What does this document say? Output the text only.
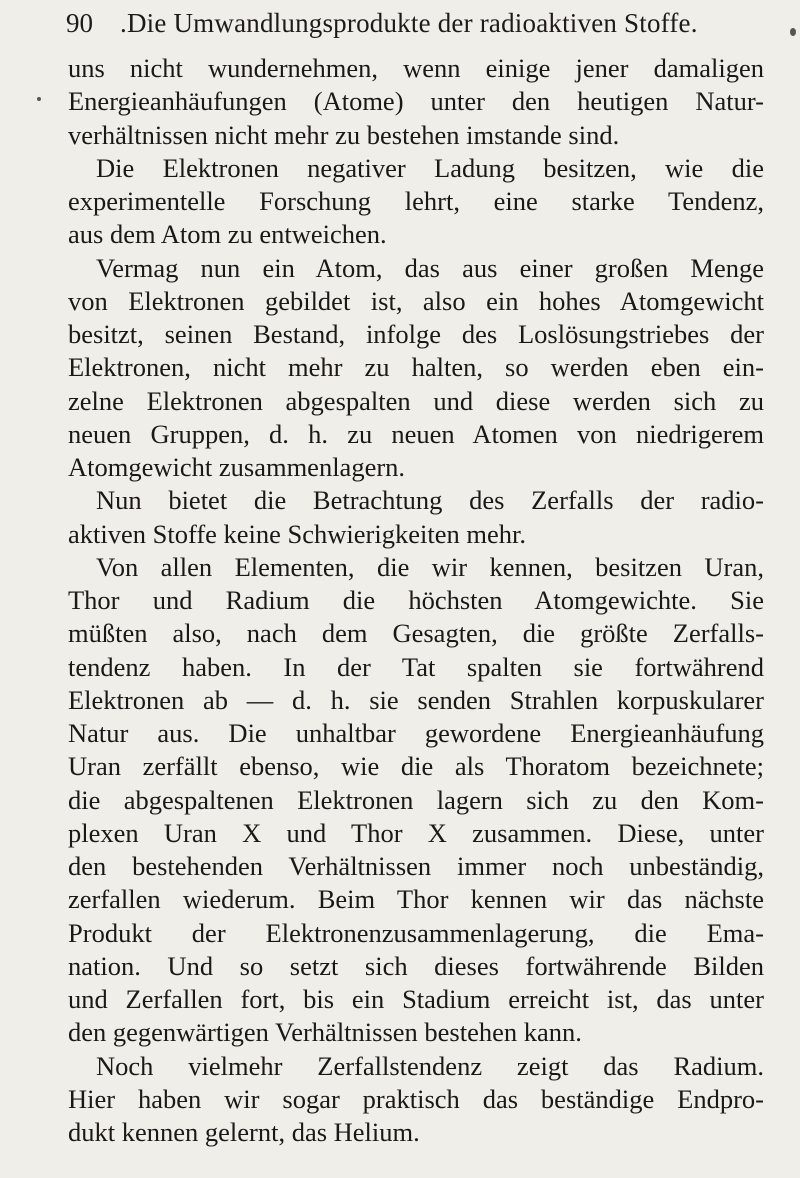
90 .Die Umwandlungsprodukte der radioaktiven Stoffe.
uns nicht wundernehmen, wenn einige jener damaligen
Energieanhäufungen (Atome) unter den heutigen Natur-
verhältnissen nicht mehr zu bestehen imstande sind.
Die Elektronen negativer Ladung besitzen, wie die
experimentelle Forschung lehrt, eine starke Tendenz,
aus dem Atom zu entweichen.
Vermag nun ein Atom, das aus einer großen Menge
von Elektronen gebildet ist, also ein hohes Atomgewicht
besitzt, seinen Bestand, infolge des Loslösungstriebes der
Elektronen, nicht mehr zu halten, so werden eben ein-
zelne Elektronen abgespalten und diese werden sich zu
neuen Gruppen, d. h. zu neuen Atomen von niedrigerem
Atomgewicht zusammenlagern.
Nun bietet die Betrachtung des Zerfalls der radio-
aktiven Stoffe keine Schwierigkeiten mehr.
Von allen Elementen, die wir kennen, besitzen Uran,
Thor und Radium die höchsten Atomgewichte. Sie
müßten also, nach dem Gesagten, die größte Zerfalls-
tendenz haben. In der Tat spalten sie fortwährend
Elektronen ab — d. h. sie senden Strahlen korpuskularer
Natur aus. Die unhaltbar gewordene Energieanhäufung
Uran zerfällt ebenso, wie die als Thoratom bezeichnete;
die abgespaltenen Elektronen lagern sich zu den Kom-
plexen Uran X und Thor X zusammen. Diese, unter
den bestehenden Verhältnissen immer noch unbeständig,
zerfallen wiederum. Beim Thor kennen wir das nächste
Produkt der Elektronenzusammenlagerung, die Ema-
nation. Und so setzt sich dieses fortwährende Bilden
und Zerfallen fort, bis ein Stadium erreicht ist, das unter
den gegenwärtigen Verhältnissen bestehen kann.
Noch vielmehr Zerfallstendenz zeigt das Radium.
Hier haben wir sogar praktisch das beständige Endpro-
dukt kennen gelernt, das Helium.
